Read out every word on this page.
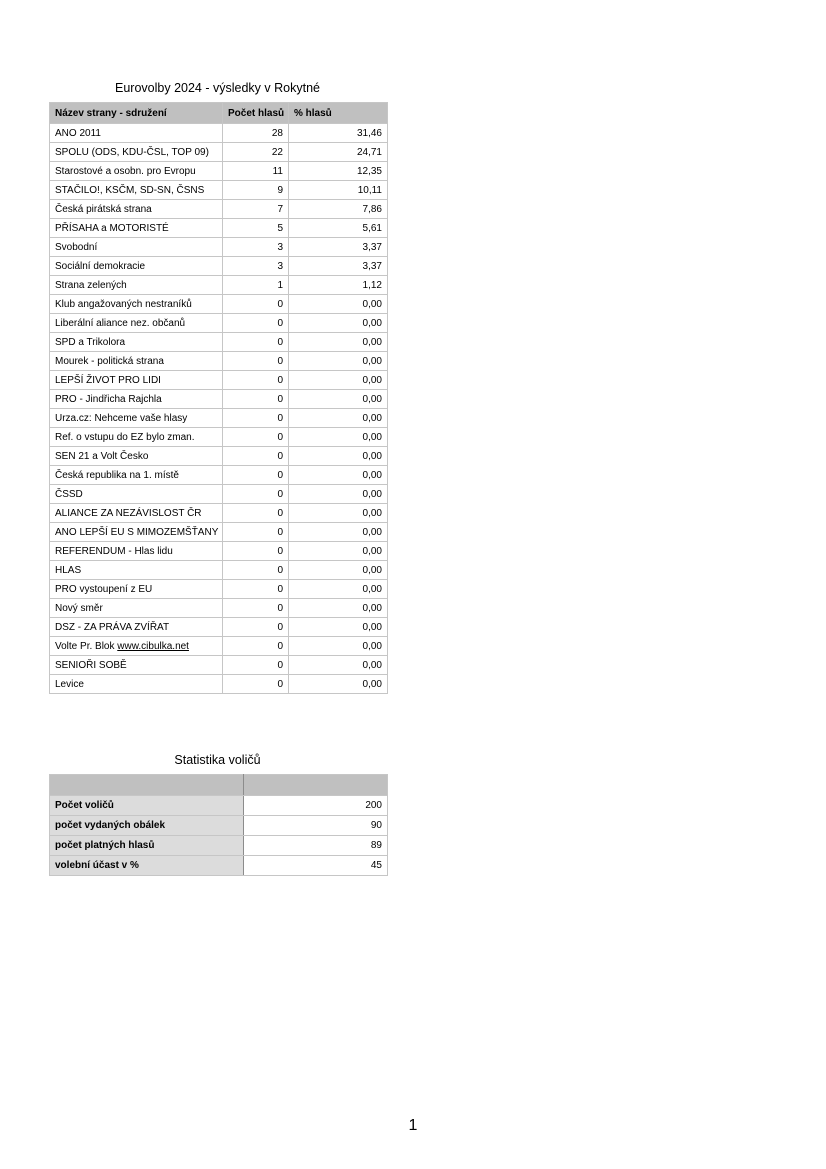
Eurovolby 2024 - výsledky v Rokytné
Název strany - sdružení	Počet hlasů	% hlasů
ANO 2011	28	31,46
SPOLU (ODS, KDU-ČSL, TOP 09)	22	24,71
Starostové a osobn. pro Evropu	11	12,35
STAČILO!, KSČM, SD-SN, ČSNS	9	10,11
Česká pirátská strana	7	7,86
PŘÍSAHA a MOTORISTÉ	5	5,61
Svobodní	3	3,37
Sociální demokracie	3	3,37
Strana zelených	1	1,12
Klub angažovaných nestraníků	0	0,00
Liberální aliance nez. občanů	0	0,00
SPD a Trikolora	0	0,00
Mourek - politická strana	0	0,00
LEPŠÍ ŽIVOT PRO LIDI	0	0,00
PRO - Jindřicha Rajchla	0	0,00
Urza.cz: Nehceme vaše hlasy	0	0,00
Ref. o vstupu do EZ bylo zman.	0	0,00
SEN 21 a Volt Česko	0	0,00
Česká republika na 1. místě	0	0,00
ČSSD	0	0,00
ALIANCE ZA NEZÁVISLOST ČR	0	0,00
ANO LEPŠÍ EU S MIMOZEMŠŤANY	0	0,00
REFERENDUM - Hlas lidu	0	0,00
HLAS	0	0,00
PRO vystoupení z EU	0	0,00
Nový směr	0	0,00
DSZ - ZA PRÁVA ZVÍŘAT	0	0,00
Volte Pr. Blok www.cibulka.net	0	0,00
SENIOŘI SOBĚ	0	0,00
Levice	0	0,00
Statistika voličů

Počet voličů	200
počet vydaných obálek	90
počet platných hlasů	89
volební účast v %	45
1
